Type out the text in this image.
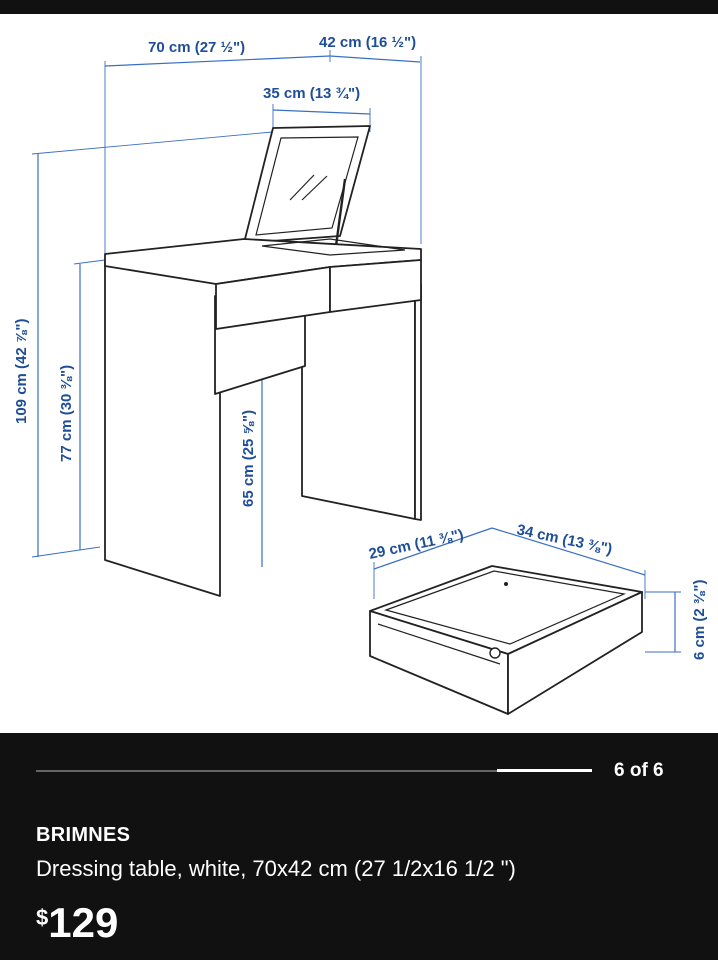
70 cm (27 ½")	42 cm (16 ½")
35 cm (13 ¾")
109 cm (42 ⅞") 77 cm (30 ⅜")	65 cm (25 ⅝")
29 cm (11 ⅜")	34 cm (13 ⅜")
6 cm (2 ⅜")
6 of 6
BRIMNES
Dressing table, white, 70x42 cm (27 1/2x16 1/2 ")
$129
